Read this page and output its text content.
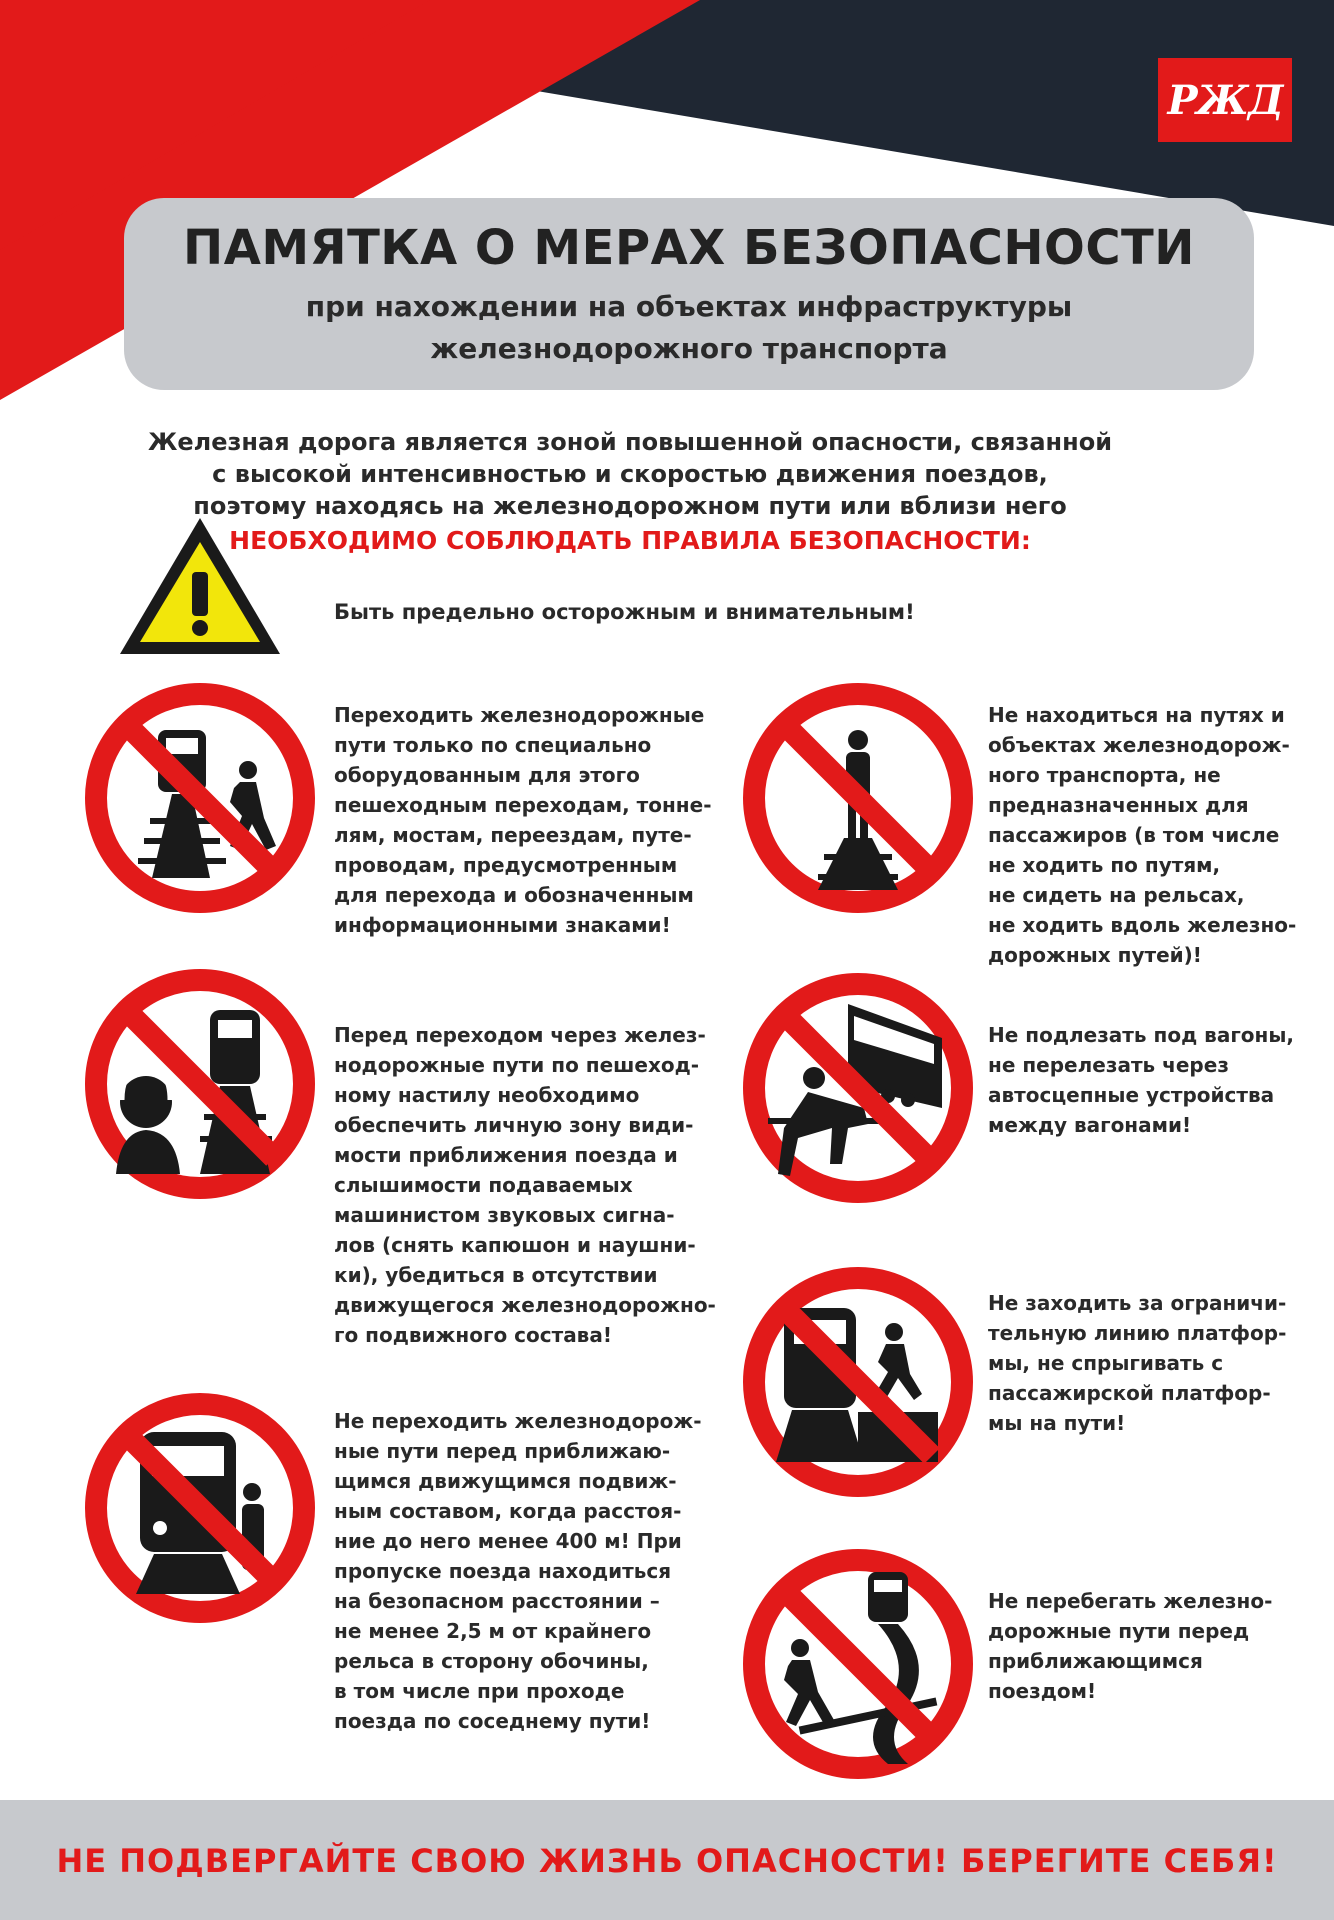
РЖД
ПАМЯТКА О МЕРАХ БЕЗОПАСНОСТИ
при нахождении на объектах инфраструктуры
железнодорожного транспорта
Железная дорога является зоной повышенной опасности, связанной
с высокой интенсивностью и скоростью движения поездов,
поэтому находясь на железнодорожном пути или вблизи него
НЕОБХОДИМО СОБЛЮДАТЬ ПРАВИЛА БЕЗОПАСНОСТИ:
Быть предельно осторожным и внимательным!
Переходить железнодорожные
пути только по специально
оборудованным для этого
пешеходным переходам, тонне-
лям, мостам, переездам, путе-
проводам, предусмотренным
для перехода и обозначенным
информационными знаками!
Перед переходом через желез-
нодорожные пути по пешеход-
ному настилу необходимо
обеспечить личную зону види-
мости приближения поезда и
слышимости подаваемых
машинистом звуковых сигна-
лов (снять капюшон и наушни-
ки), убедиться в отсутствии
движущегося железнодорожно-
го подвижного состава!
Не переходить железнодорож-
ные пути перед приближаю-
щимся движущимся подвиж-
ным составом, когда расстоя-
ние до него менее 400 м! При
пропуске поезда находиться
на безопасном расстоянии –
не менее 2,5 м от крайнего
рельса в сторону обочины,
в том числе при проходе
поезда по соседнему пути!
Не находиться на путях и
объектах железнодорож-
ного транспорта, не
предназначенных для
пассажиров (в том числе
не ходить по путям,
не сидеть на рельсах,
не ходить вдоль железно-
дорожных путей)!
Не подлезать под вагоны,
не перелезать через
автосцепные устройства
между вагонами!
Не заходить за ограничи-
тельную линию платфор-
мы, не спрыгивать с
пассажирской платфор-
мы на пути!
Не перебегать железно-
дорожные пути перед
приближающимся
поездом!
НЕ ПОДВЕРГАЙТЕ СВОЮ ЖИЗНЬ ОПАСНОСТИ! БЕРЕГИТЕ СЕБЯ!
